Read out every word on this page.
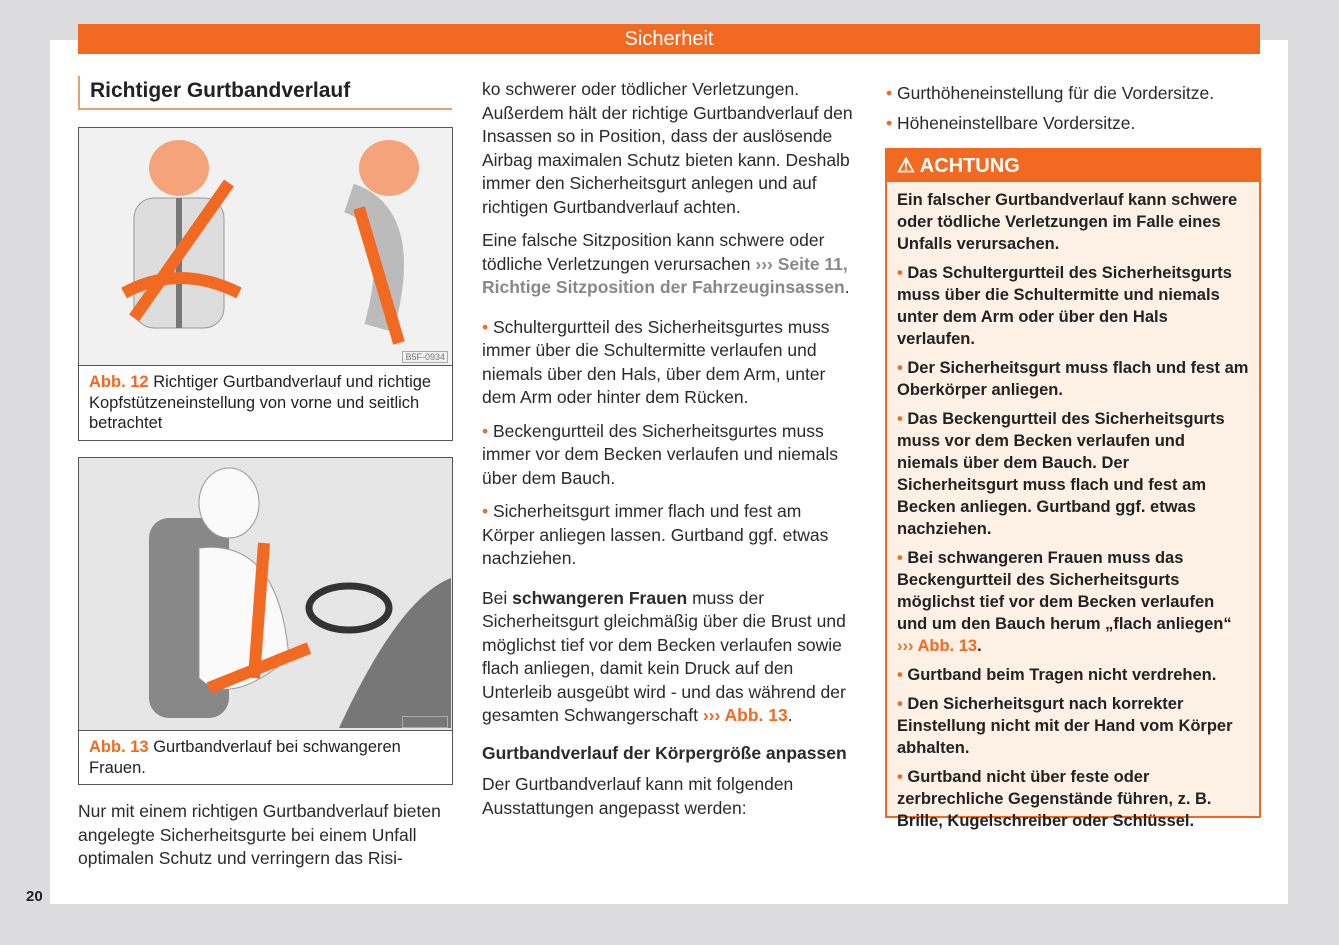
Sicherheit
Richtiger Gurtbandverlauf
B5F-0934
Abb. 12 Richtiger Gurtbandverlauf und richtige Kopfstützeneinstellung von vorne und seitlich betrachtet
B5F-1057
Abb. 13 Gurtbandverlauf bei schwangeren Frauen.
Nur mit einem richtigen Gurtbandverlauf bieten angelegte Sicherheitsgurte bei einem Unfall optimalen Schutz und verringern das Risi-

ko schwerer oder tödlicher Verletzungen. Außerdem hält der richtige Gurtbandverlauf den Insassen so in Position, dass der auslösende Airbag maximalen Schutz bieten kann. Deshalb immer den Sicherheitsgurt anlegen und auf richtigen Gurtbandverlauf achten.

Eine falsche Sitzposition kann schwere oder tödliche Verletzungen verursachen ››› Seite 11, Richtige Sitzposition der Fahrzeuginsassen.

• Schultergurtteil des Sicherheitsgurtes muss immer über die Schultermitte verlaufen und niemals über den Hals, über dem Arm, unter dem Arm oder hinter dem Rücken.

• Beckengurtteil des Sicherheitsgurtes muss immer vor dem Becken verlaufen und niemals über dem Bauch.

• Sicherheitsgurt immer flach und fest am Körper anliegen lassen. Gurtband ggf. etwas nachziehen.

Bei schwangeren Frauen muss der Sicherheitsgurt gleichmäßig über die Brust und möglichst tief vor dem Becken verlaufen sowie flach anliegen, damit kein Druck auf den Unterleib ausgeübt wird - und das während der gesamten Schwangerschaft ››› Abb. 13.

Gurtbandverlauf der Körpergröße anpassen

Der Gurtbandverlauf kann mit folgenden Ausstattungen angepasst werden:

• Gurthöheneinstellung für die Vordersitze.
• Höheneinstellbare Vordersitze.
⚠ ACHTUNG
Ein falscher Gurtbandverlauf kann schwere oder tödliche Verletzungen im Falle eines Unfalls verursachen.
• Das Schultergurtteil des Sicherheitsgurts muss über die Schultermitte und niemals unter dem Arm oder über den Hals verlaufen.
• Der Sicherheitsgurt muss flach und fest am Oberkörper anliegen.
• Das Beckengurtteil des Sicherheitsgurts muss vor dem Becken verlaufen und niemals über dem Bauch. Der Sicherheitsgurt muss flach und fest am Becken anliegen. Gurtband ggf. etwas nachziehen.
• Bei schwangeren Frauen muss das Beckengurtteil des Sicherheitsgurts möglichst tief vor dem Becken verlaufen und um den Bauch herum „flach anliegen“ ››› Abb. 13.
• Gurtband beim Tragen nicht verdrehen.
• Den Sicherheitsgurt nach korrekter Einstellung nicht mit der Hand vom Körper abhalten.
• Gurtband nicht über feste oder zerbrechliche Gegenstände führen, z. B. Brille, Kugelschreiber oder Schlüssel.
20
